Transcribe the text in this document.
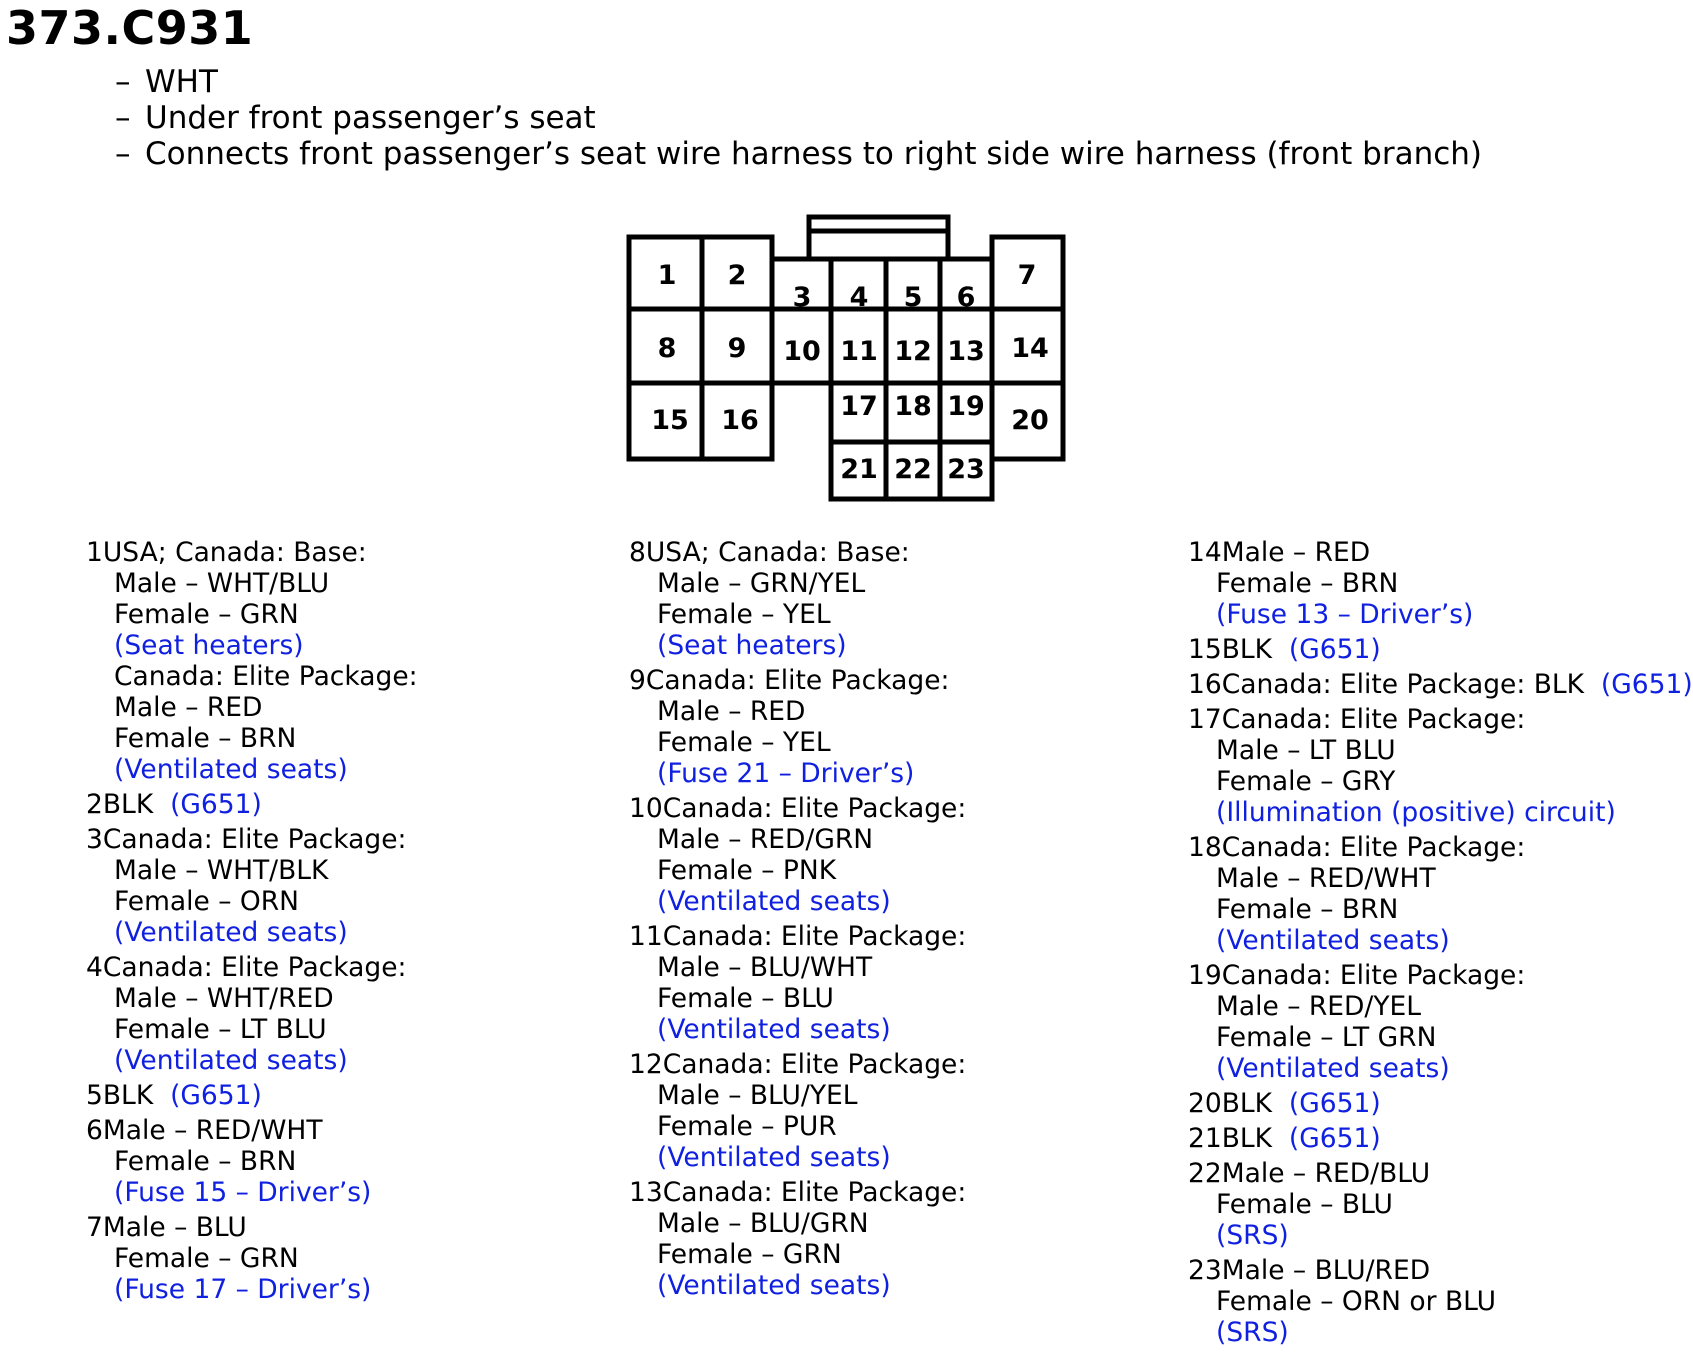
373.C931
– WHT
– Under front passenger’s seat
– Connects front passenger’s seat wire harness to right side wire harness (front branch)
1 2
3 4 5 6
7
8 9 10 11 12 13 14
15 16	17 18 19 20
21 22 23
1USA; Canada: Base:
Male – WHT/BLU
Female – GRN
(Seat heaters)
Canada: Elite Package:
Male – RED
Female – BRN
(Ventilated seats)
2BLK (G651)
3Canada: Elite Package:
Male – WHT/BLK
Female – ORN
(Ventilated seats)
4Canada: Elite Package:
Male – WHT/RED
Female – LT BLU
(Ventilated seats)
5BLK (G651)
6Male – RED/WHT
Female – BRN
(Fuse 15 – Driver’s)
7Male – BLU
Female – GRN
(Fuse 17 – Driver’s)
8USA; Canada: Base:
Male – GRN/YEL
Female – YEL
(Seat heaters)
9Canada: Elite Package:
Male – RED
Female – YEL
(Fuse 21 – Driver’s)
10Canada: Elite Package:
Male – RED/GRN
Female – PNK
(Ventilated seats)
11Canada: Elite Package:
Male – BLU/WHT
Female – BLU
(Ventilated seats)
12Canada: Elite Package:
Male – BLU/YEL
Female – PUR
(Ventilated seats)
13Canada: Elite Package:
Male – BLU/GRN
Female – GRN
(Ventilated seats)
14Male – RED
Female – BRN
(Fuse 13 – Driver’s)
15BLK (G651)
16Canada: Elite Package: BLK (G651)
17Canada: Elite Package:
Male – LT BLU
Female – GRY
(Illumination (positive) circuit)
18Canada: Elite Package:
Male – RED/WHT
Female – BRN
(Ventilated seats)
19Canada: Elite Package:
Male – RED/YEL
Female – LT GRN
(Ventilated seats)
20BLK (G651)
21BLK (G651)
22Male – RED/BLU
Female – BLU
(SRS)
23Male – BLU/RED
Female – ORN or BLU
(SRS)
